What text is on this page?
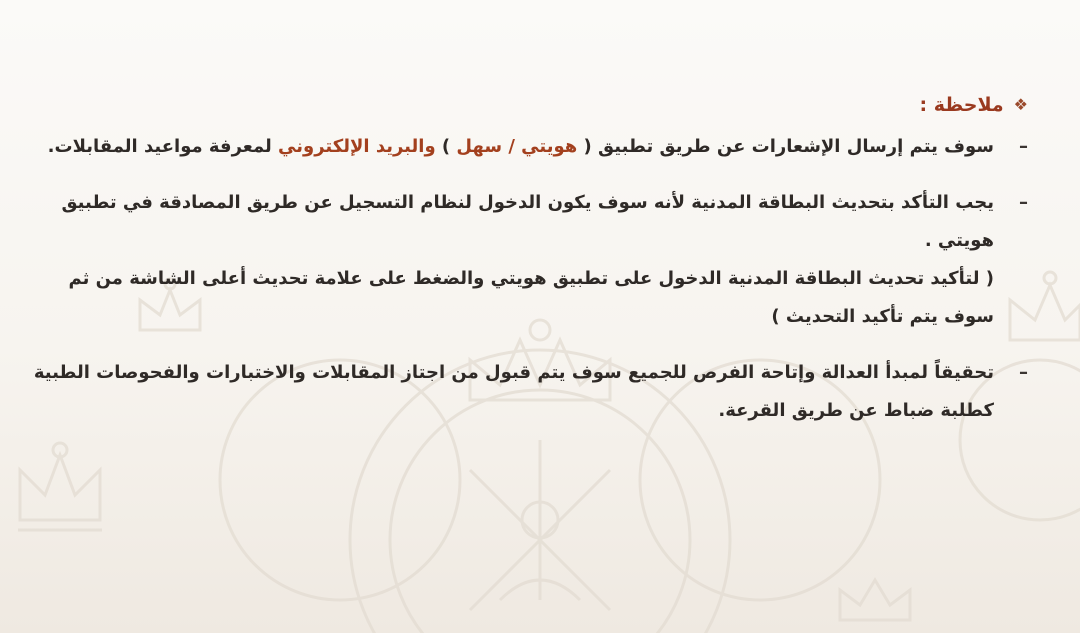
❖
ملاحظة :
–
سوف يتم إرسال الإشعارات عن طريق تطبيق ( هويتي / سهل ) والبريد الإلكتروني لمعرفة مواعيد المقابلات.
–
يجب التأكد بتحديث البطاقة المدنية لأنه سوف يكون الدخول لنظام التسجيل عن طريق المصادقة في تطبيق هويتي .
( لتأكيد تحديث البطاقة المدنية الدخول على تطبيق هويتي والضغط على علامة تحديث أعلى الشاشة من ثم سوف يتم تأكيد التحديث )
–
تحقيقاً لمبدأ العدالة وإتاحة الفرص للجميع سوف يتم قبول من اجتاز المقابلات والاختبارات والفحوصات الطبية كطلبة ضباط عن طريق القرعة.
